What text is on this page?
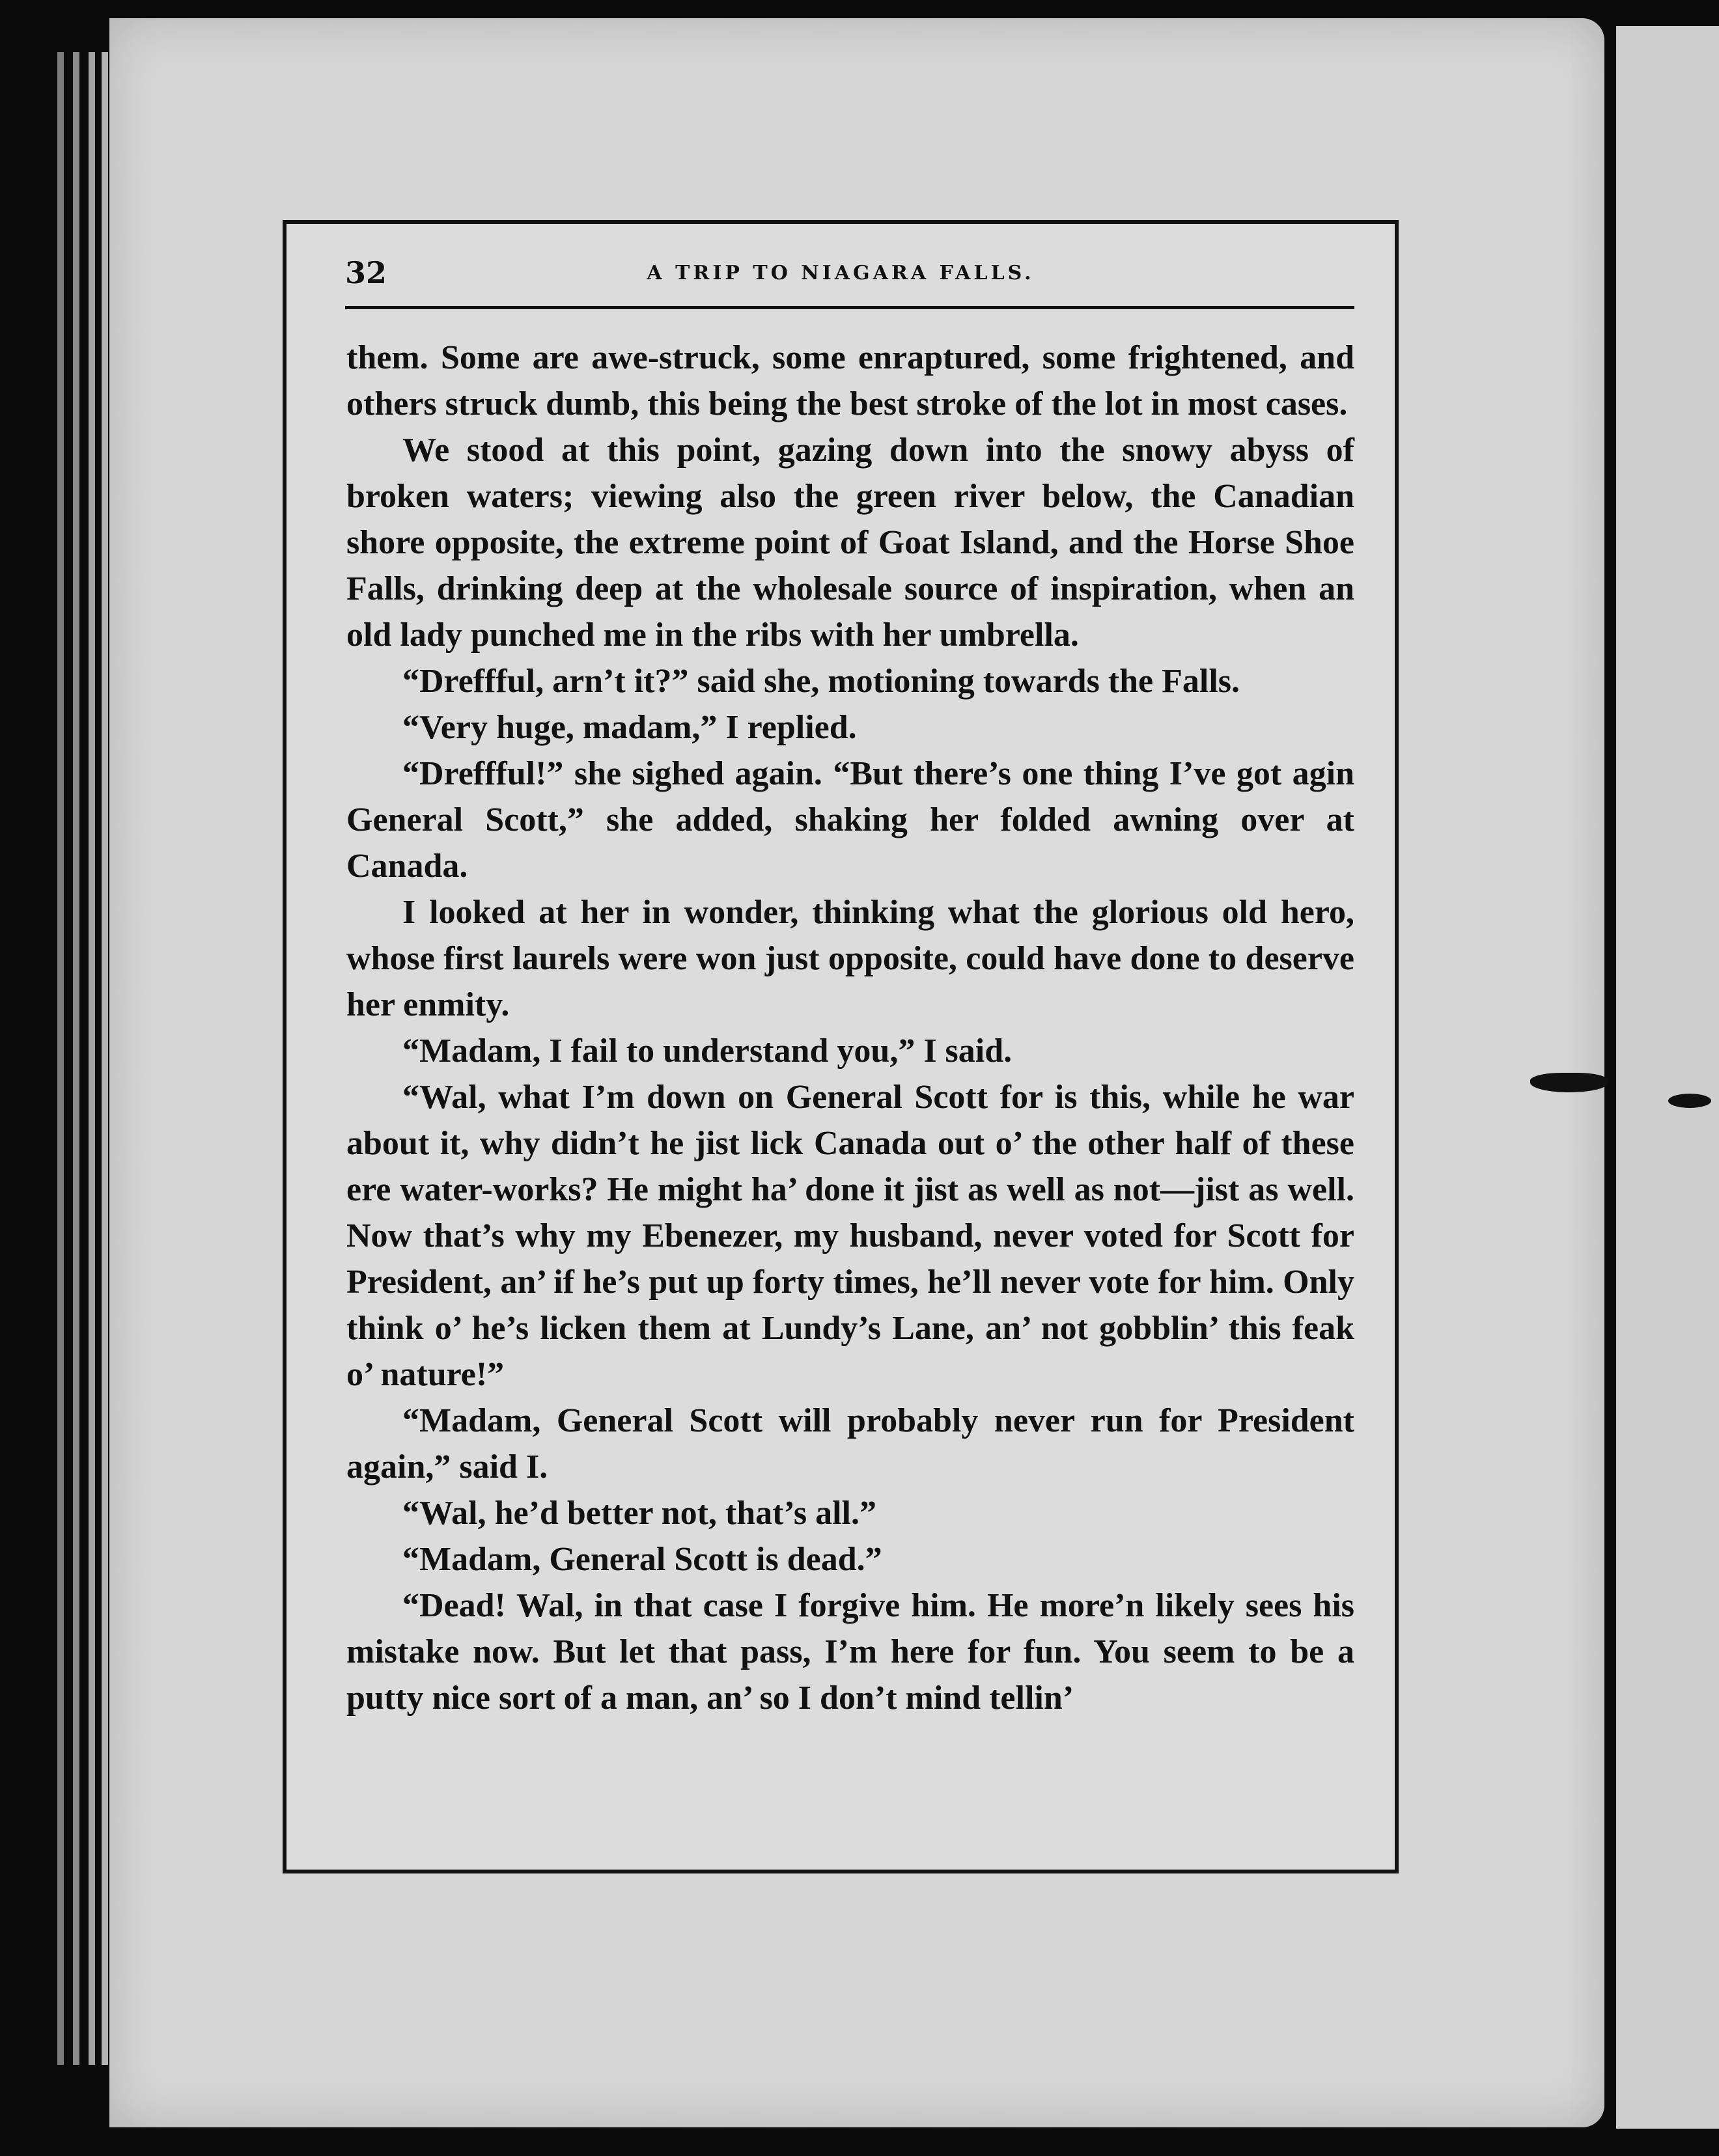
32	A TRIP TO NIAGARA FALLS.

them. Some are awe-struck, some enraptured, some frightened, and others struck dumb, this being the best stroke of the lot in most cases.

We stood at this point, gazing down into the snowy abyss of broken waters; viewing also the green river below, the Canadian shore opposite, the extreme point of Goat Island, and the Horse Shoe Falls, drinking deep at the wholesale source of inspiration, when an old lady punched me in the ribs with her umbrella.

“Dreffful, arn’t it?” said she, motioning towards the Falls.

“Very huge, madam,” I replied.

“Dreffful!” she sighed again. “But there’s one thing I’ve got agin General Scott,” she added, shaking her folded awning over at Canada.

I looked at her in wonder, thinking what the glorious old hero, whose first laurels were won just opposite, could have done to deserve her enmity.

“Madam, I fail to understand you,” I said.

“Wal, what I’m down on General Scott for is this, while he war about it, why didn’t he jist lick Canada out o’ the other half of these ere water-works? He might ha’ done it jist as well as not—jist as well. Now that’s why my Ebenezer, my husband, never voted for Scott for President, an’ if he’s put up forty times, he’ll never vote for him. Only think o’ he’s licken them at Lundy’s Lane, an’ not gobblin’ this feak o’ nature!”

“Madam, General Scott will probably never run for President again,” said I.

“Wal, he’d better not, that’s all.”

“Madam, General Scott is dead.”

“Dead! Wal, in that case I forgive him. He more’n likely sees his mistake now. But let that pass, I’m here for fun. You seem to be a putty nice sort of a man, an’ so I don’t mind tellin’
